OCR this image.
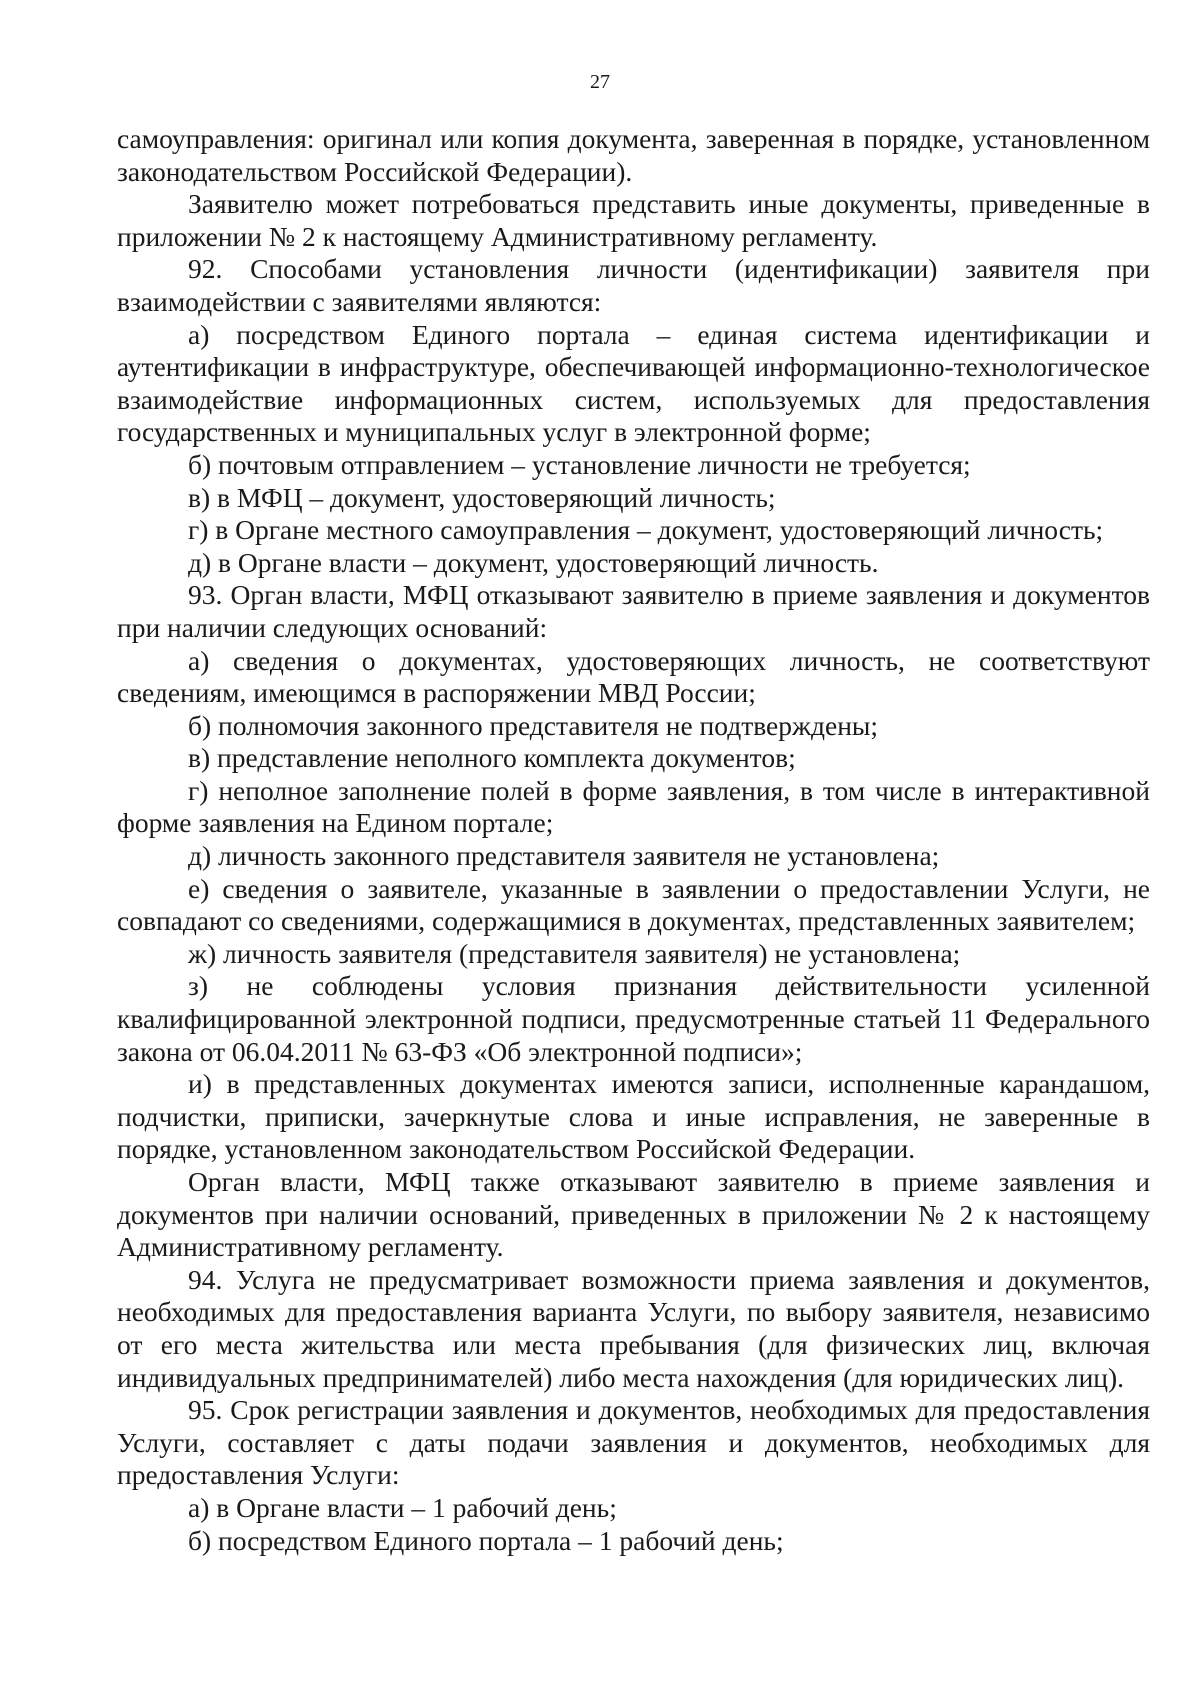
27

самоуправления: оригинал или копия документа, заверенная в порядке, установленном законодательством Российской Федерации).

Заявителю может потребоваться представить иные документы, приведенные в приложении № 2 к настоящему Административному регламенту.

92. Способами установления личности (идентификации) заявителя при взаимодействии с заявителями являются:

а) посредством Единого портала – единая система идентификации и аутентификации в инфраструктуре, обеспечивающей информационно-технологическое взаимодействие информационных систем, используемых для предоставления государственных и муниципальных услуг в электронной форме;

б) почтовым отправлением – установление личности не требуется;

в) в МФЦ – документ, удостоверяющий личность;

г) в Органе местного самоуправления – документ, удостоверяющий личность;

д) в Органе власти – документ, удостоверяющий личность.

93. Орган власти, МФЦ отказывают заявителю в приеме заявления и документов при наличии следующих оснований:

а) сведения о документах, удостоверяющих личность, не соответствуют сведениям, имеющимся в распоряжении МВД России;

б) полномочия законного представителя не подтверждены;

в) представление неполного комплекта документов;

г) неполное заполнение полей в форме заявления, в том числе в интерактивной форме заявления на Едином портале;

д) личность законного представителя заявителя не установлена;

е) сведения о заявителе, указанные в заявлении о предоставлении Услуги, не совпадают со сведениями, содержащимися в документах, представленных заявителем;

ж) личность заявителя (представителя заявителя) не установлена;

з) не соблюдены условия признания действительности усиленной квалифицированной электронной подписи, предусмотренные статьей 11 Федерального закона от 06.04.2011 № 63-ФЗ «Об электронной подписи»;

и) в представленных документах имеются записи, исполненные карандашом, подчистки, приписки, зачеркнутые слова и иные исправления, не заверенные в порядке, установленном законодательством Российской Федерации.

Орган власти, МФЦ также отказывают заявителю в приеме заявления и документов при наличии оснований, приведенных в приложении № 2 к настоящему Административному регламенту.

94. Услуга не предусматривает возможности приема заявления и документов, необходимых для предоставления варианта Услуги, по выбору заявителя, независимо от его места жительства или места пребывания (для физических лиц, включая индивидуальных предпринимателей) либо места нахождения (для юридических лиц).

95. Срок регистрации заявления и документов, необходимых для предоставления Услуги, составляет с даты подачи заявления и документов, необходимых для предоставления Услуги:

а) в Органе власти – 1 рабочий день;

б) посредством Единого портала – 1 рабочий день;
